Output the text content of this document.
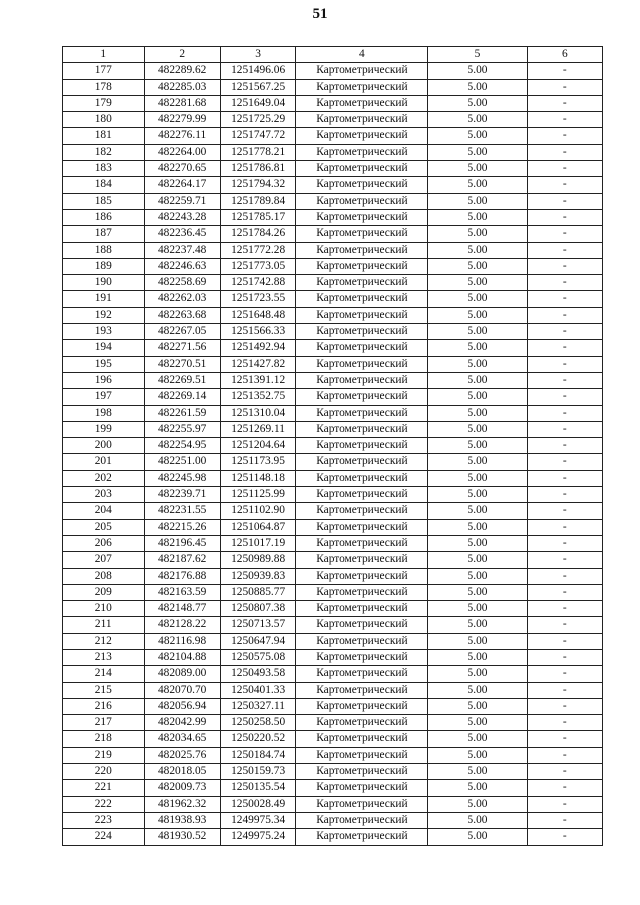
51
1	2	3	4	5	6
177	482289.62	1251496.06	Картометрический	5.00	-
178	482285.03	1251567.25	Картометрический	5.00	-
179	482281.68	1251649.04	Картометрический	5.00	-
180	482279.99	1251725.29	Картометрический	5.00	-
181	482276.11	1251747.72	Картометрический	5.00	-
182	482264.00	1251778.21	Картометрический	5.00	-
183	482270.65	1251786.81	Картометрический	5.00	-
184	482264.17	1251794.32	Картометрический	5.00	-
185	482259.71	1251789.84	Картометрический	5.00	-
186	482243.28	1251785.17	Картометрический	5.00	-
187	482236.45	1251784.26	Картометрический	5.00	-
188	482237.48	1251772.28	Картометрический	5.00	-
189	482246.63	1251773.05	Картометрический	5.00	-
190	482258.69	1251742.88	Картометрический	5.00	-
191	482262.03	1251723.55	Картометрический	5.00	-
192	482263.68	1251648.48	Картометрический	5.00	-
193	482267.05	1251566.33	Картометрический	5.00	-
194	482271.56	1251492.94	Картометрический	5.00	-
195	482270.51	1251427.82	Картометрический	5.00	-
196	482269.51	1251391.12	Картометрический	5.00	-
197	482269.14	1251352.75	Картометрический	5.00	-
198	482261.59	1251310.04	Картометрический	5.00	-
199	482255.97	1251269.11	Картометрический	5.00	-
200	482254.95	1251204.64	Картометрический	5.00	-
201	482251.00	1251173.95	Картометрический	5.00	-
202	482245.98	1251148.18	Картометрический	5.00	-
203	482239.71	1251125.99	Картометрический	5.00	-
204	482231.55	1251102.90	Картометрический	5.00	-
205	482215.26	1251064.87	Картометрический	5.00	-
206	482196.45	1251017.19	Картометрический	5.00	-
207	482187.62	1250989.88	Картометрический	5.00	-
208	482176.88	1250939.83	Картометрический	5.00	-
209	482163.59	1250885.77	Картометрический	5.00	-
210	482148.77	1250807.38	Картометрический	5.00	-
211	482128.22	1250713.57	Картометрический	5.00	-
212	482116.98	1250647.94	Картометрический	5.00	-
213	482104.88	1250575.08	Картометрический	5.00	-
214	482089.00	1250493.58	Картометрический	5.00	-
215	482070.70	1250401.33	Картометрический	5.00	-
216	482056.94	1250327.11	Картометрический	5.00	-
217	482042.99	1250258.50	Картометрический	5.00	-
218	482034.65	1250220.52	Картометрический	5.00	-
219	482025.76	1250184.74	Картометрический	5.00	-
220	482018.05	1250159.73	Картометрический	5.00	-
221	482009.73	1250135.54	Картометрический	5.00	-
222	481962.32	1250028.49	Картометрический	5.00	-
223	481938.93	1249975.34	Картометрический	5.00	-
224	481930.52	1249975.24	Картометрический	5.00	-
